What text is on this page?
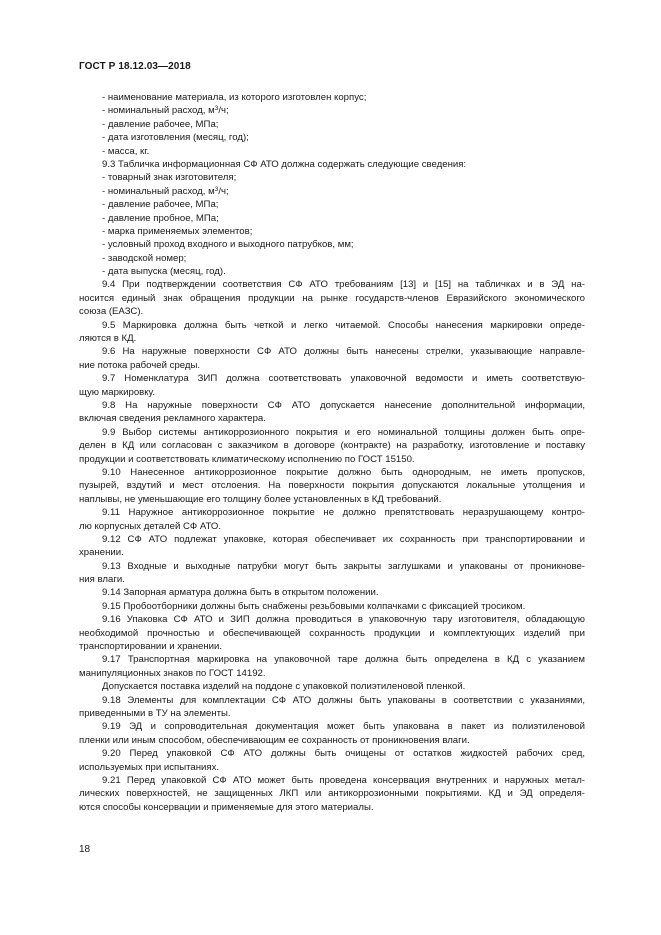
ГОСТ Р 18.12.03—2018
- наименование материала, из которого изготовлен корпус;
- номинальный расход, $м^3/ч$;
- давление рабочее, МПа;
- дата изготовления (месяц, год);
- масса, кг.
9.3 Табличка информационная СФ АТО должна содержать следующие сведения:
- товарный знак изготовителя;
- номинальный расход, $м^3/ч$;
- давление рабочее, МПа;
- давление пробное, МПа;
- марка применяемых элементов;
- условный проход входного и выходного патрубков, мм;
- заводской номер;
- дата выпуска (месяц, год).
9.4 При подтверждении соответствия СФ АТО требованиям [13] и [15] на табличках и в ЭД на-
носится единый знак обращения продукции на рынке государств-членов Евразийского экономического
союза (ЕАЗС).
9.5 Маркировка должна быть четкой и легко читаемой. Способы нанесения маркировки опреде-
ляются в КД.
9.6 На наружные поверхности СФ АТО должны быть нанесены стрелки, указывающие направле-
ние потока рабочей среды.
9.7 Номенклатура ЗИП должна соответствовать упаковочной ведомости и иметь соответствую-
щую маркировку.
9.8 На наружные поверхности СФ АТО допускается нанесение дополнительной информации,
включая сведения рекламного характера.
9.9 Выбор системы антикоррозионного покрытия и его номинальной толщины должен быть опре-
делен в КД или согласован с заказчиком в договоре (контракте) на разработку, изготовление и поставку
продукции и соответствовать климатическому исполнению по ГОСТ 15150.
9.10 Нанесенное антикоррозионное покрытие должно быть однородным, не иметь пропусков,
пузырей, вздутий и мест отслоения. На поверхности покрытия допускаются локальные утолщения и
наплывы, не уменьшающие его толщину более установленных в КД требований.
9.11 Наружное антикоррозионное покрытие не должно препятствовать неразрушающему контро-
лю корпусных деталей СФ АТО.
9.12 СФ АТО подлежат упаковке, которая обеспечивает их сохранность при транспортировании и
хранении.
9.13 Входные и выходные патрубки могут быть закрыты заглушками и упакованы от проникнове-
ния влаги.
9.14 Запорная арматура должна быть в открытом положении.
9.15 Пробоотборники должны быть снабжены резьбовыми колпачками с фиксацией тросиком.
9.16 Упаковка СФ АТО и ЗИП должна проводиться в упаковочную тару изготовителя, обладающую
необходимой прочностью и обеспечивающей сохранность продукции и комплектующих изделий при
транспортировании и хранении.
9.17 Транспортная маркировка на упаковочной таре должна быть определена в КД с указанием
манипуляционных знаков по ГОСТ 14192.
Допускается поставка изделий на поддоне с упаковкой полиэтиленовой пленкой.
9.18 Элементы для комплектации СФ АТО должны быть упакованы в соответствии с указаниями,
приведенными в ТУ на элементы.
9.19 ЭД и сопроводительная документация может быть упакована в пакет из полиэтиленовой
пленки или иным способом, обеспечивающим ее сохранность от проникновения влаги.
9.20 Перед упаковкой СФ АТО должны быть очищены от остатков жидкостей рабочих сред,
используемых при испытаниях.
9.21 Перед упаковкой СФ АТО может быть проведена консервация внутренних и наружных метал-
лических поверхностей, не защищенных ЛКП или антикоррозионными покрытиями. КД и ЭД определя-
ются способы консервации и применяемые для этого материалы.
18
